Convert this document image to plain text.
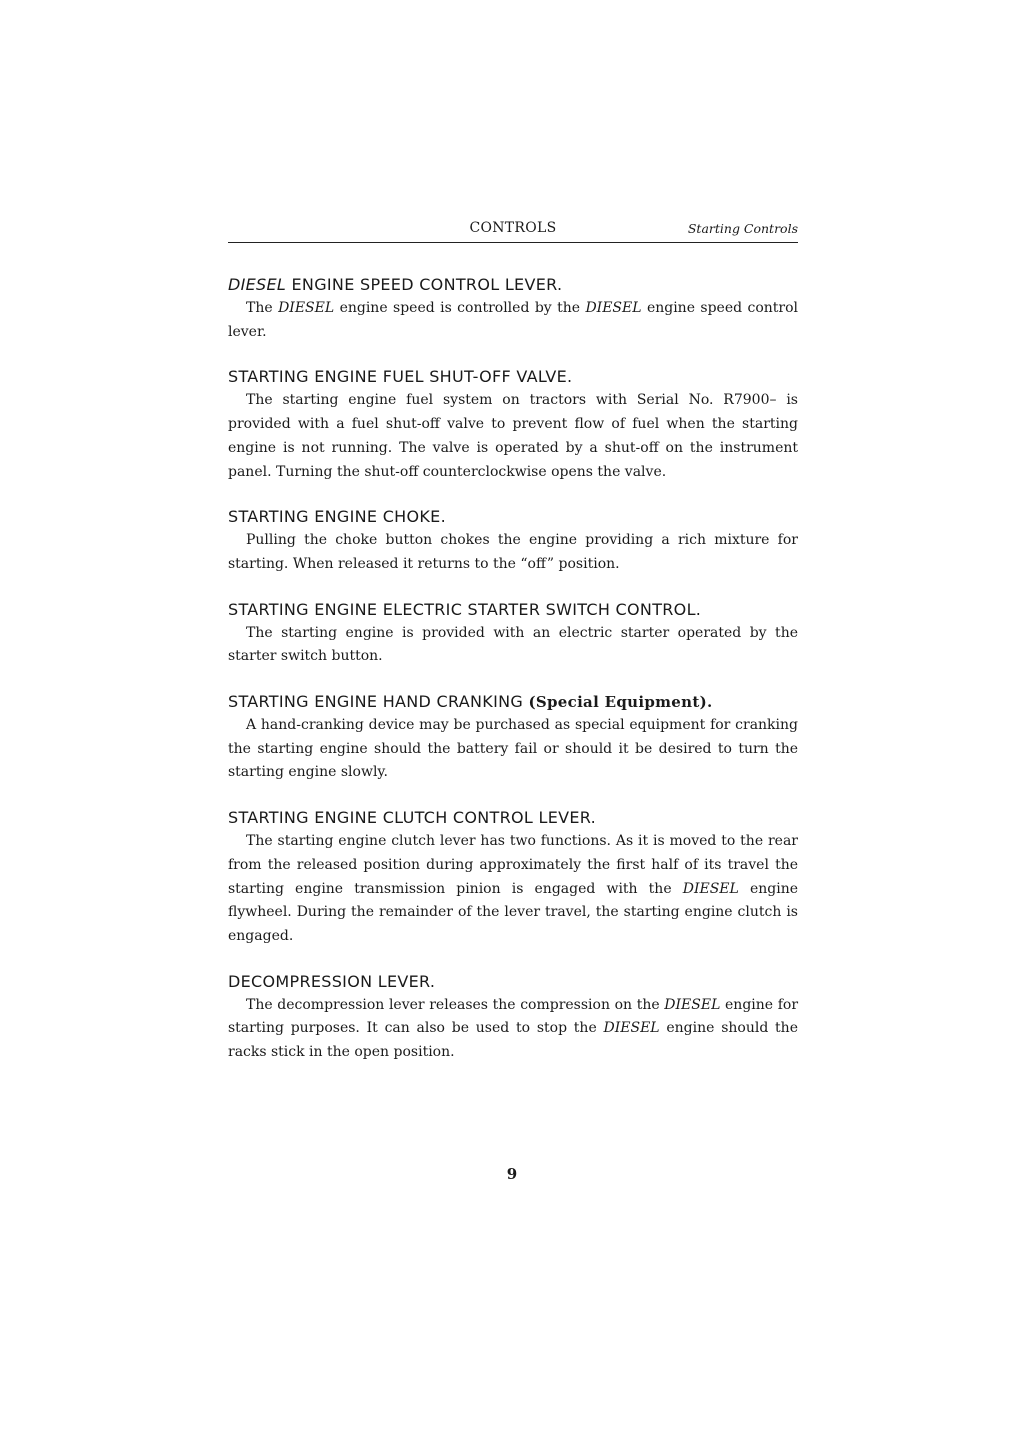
CONTROLS	Starting Controls
DIESEL ENGINE SPEED CONTROL LEVER.

The DIESEL engine speed is controlled by the DIESEL engine speed control lever.

STARTING ENGINE FUEL SHUT-OFF VALVE.

The starting engine fuel system on tractors with Serial No. R7900– is provided with a fuel shut-off valve to prevent flow of fuel when the starting engine is not running. The valve is operated by a shut-off on the instrument panel. Turning the shut-off counterclockwise opens the valve.

STARTING ENGINE CHOKE.

Pulling the choke button chokes the engine providing a rich mixture for starting. When released it returns to the “off” position.

STARTING ENGINE ELECTRIC STARTER SWITCH CONTROL.

The starting engine is provided with an electric starter operated by the starter switch button.

STARTING ENGINE HAND CRANKING (Special Equipment).

A hand-cranking device may be purchased as special equipment for cranking the starting engine should the battery fail or should it be desired to turn the starting engine slowly.

STARTING ENGINE CLUTCH CONTROL LEVER.

The starting engine clutch lever has two functions. As it is moved to the rear from the released position during approximately the first half of its travel the starting engine transmission pinion is engaged with the DIESEL engine flywheel. During the remainder of the lever travel, the starting engine clutch is engaged.

DECOMPRESSION LEVER.

The decompression lever releases the compression on the DIESEL engine for starting purposes. It can also be used to stop the DIESEL engine should the racks stick in the open position.

9
